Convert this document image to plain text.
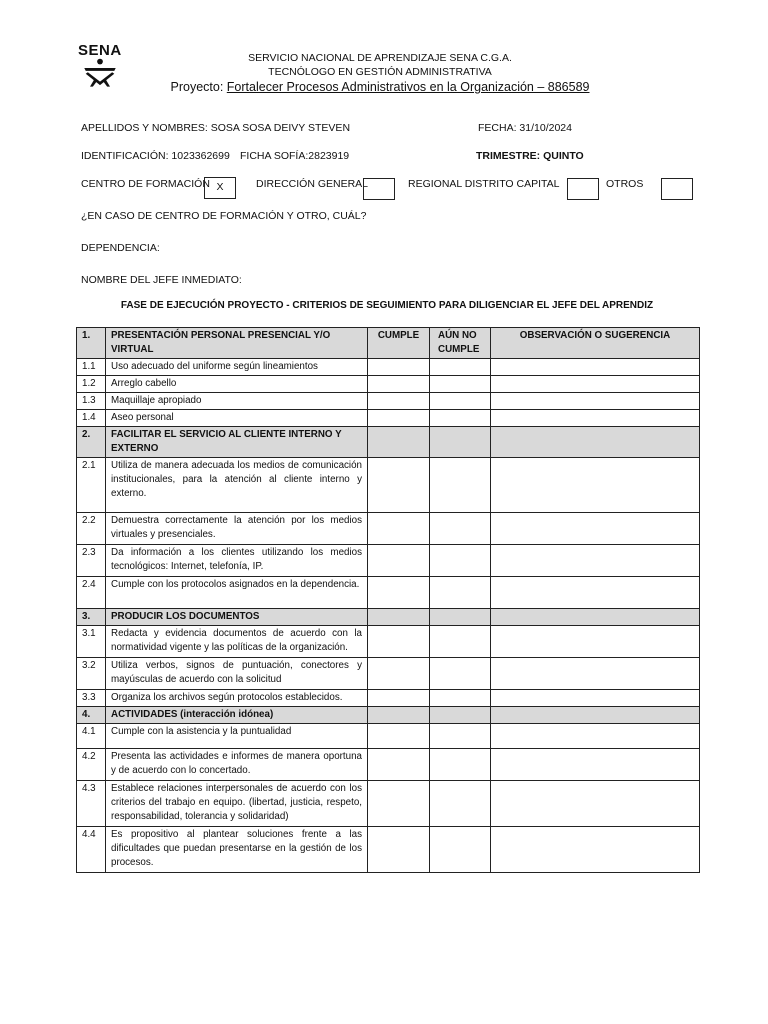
SENA	SERVICIO NACIONAL DE APRENDIZAJE SENA C.G.A.
TECNÓLOGO EN GESTIÓN ADMINISTRATIVA
Proyecto: Fortalecer Procesos Administrativos en la Organización – 886589
APELLIDOS Y NOMBRES: SOSA SOSA DEIVY STEVEN	FECHA: 31/10/2024
IDENTIFICACIÓN: 1023362699 FICHA SOFÍA:2823919	TRIMESTRE: QUINTO
CENTRO DE FORMACIÓN X	DIRECCIÓN GENERAL	REGIONAL DISTRITO CAPITAL	OTROS
¿EN CASO DE CENTRO DE FORMACIÓN Y OTRO, CUÁL?
DEPENDENCIA:
NOMBRE DEL JEFE INMEDIATO:
FASE DE EJECUCIÓN PROYECTO - CRITERIOS DE SEGUIMIENTO PARA DILIGENCIAR EL JEFE DEL APRENDIZ
1.	PRESENTACIÓN PERSONAL PRESENCIAL Y/O VIRTUAL	CUMPLE	AÚN NO CUMPLE	OBSERVACIÓN O SUGERENCIA
1.1	Uso adecuado del uniforme según lineamientos			
1.2	Arreglo cabello			
1.3	Maquillaje apropiado			
1.4	Aseo personal			
2.	FACILITAR EL SERVICIO AL CLIENTE INTERNO Y EXTERNO			
2.1	Utiliza de manera adecuada los medios de comunicación institucionales, para la atención al cliente interno y externo.			
2.2	Demuestra correctamente la atención por los medios virtuales y presenciales.			
2.3	Da información a los clientes utilizando los medios tecnológicos: Internet, telefonía, IP.			
2.4	Cumple con los protocolos asignados en la dependencia.			
3.	PRODUCIR LOS DOCUMENTOS			
3.1	Redacta y evidencia documentos de acuerdo con la normatividad vigente y las políticas de la organización.			
3.2	Utiliza verbos, signos de puntuación, conectores y mayúsculas de acuerdo con la solicitud			
3.3	Organiza los archivos según protocolos establecidos.			
4.	ACTIVIDADES (interacción idónea)			
4.1	Cumple con la asistencia y la puntualidad			
4.2	Presenta las actividades e informes de manera oportuna y de acuerdo con lo concertado.			
4.3	Establece relaciones interpersonales de acuerdo con los criterios del trabajo en equipo. (libertad, justicia, respeto, responsabilidad, tolerancia y solidaridad)			
4.4	Es propositivo al plantear soluciones frente a las dificultades que puedan presentarse en la gestión de los procesos.			
